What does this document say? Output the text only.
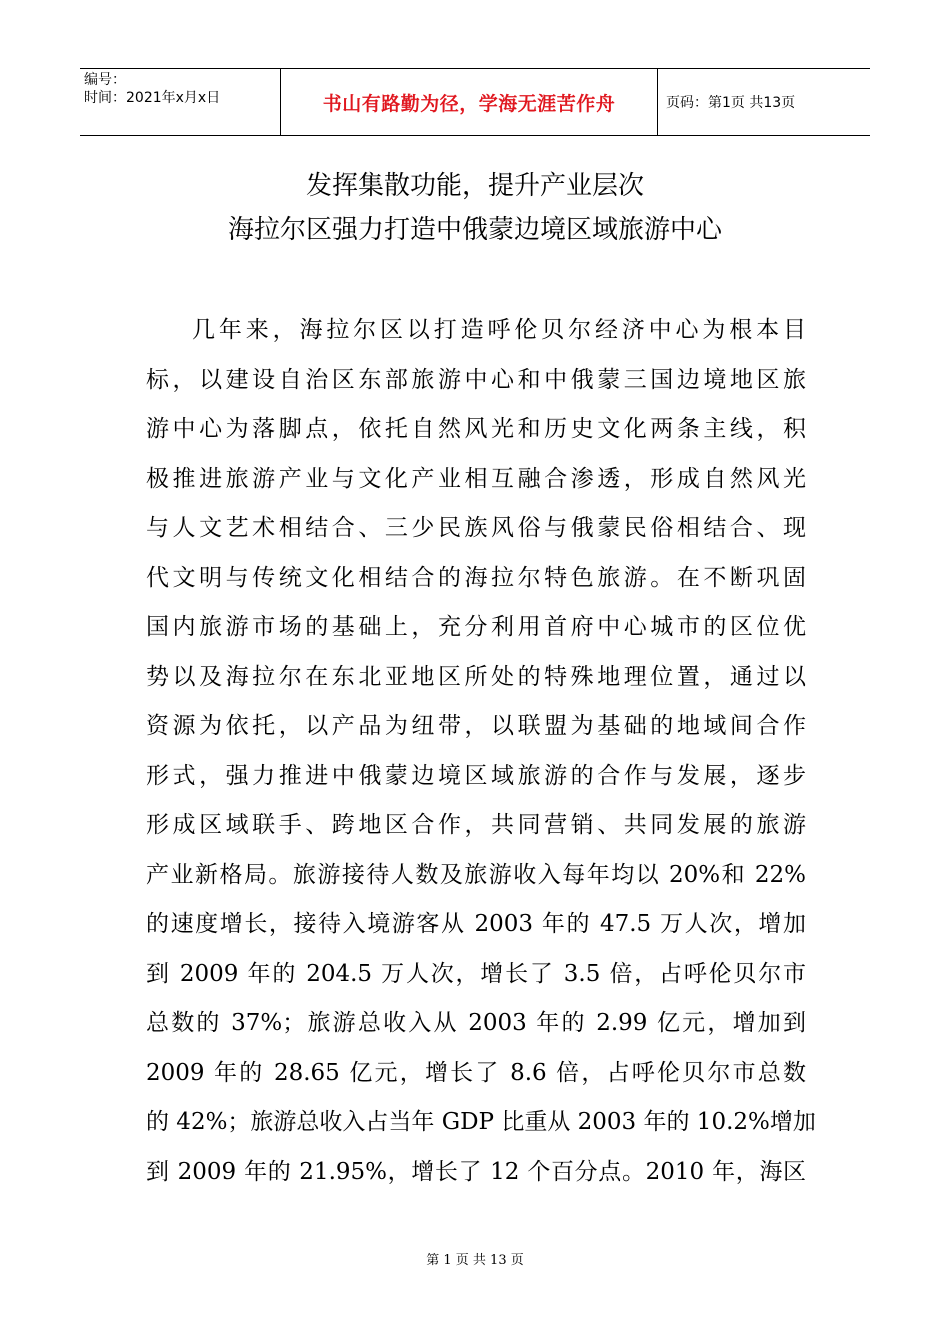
编号：
时间：2021年x月x日	书山有路勤为径，学海无涯苦作舟	页码：第1页 共13页
发挥集散功能，提升产业层次
海拉尔区强力打造中俄蒙边境区域旅游中心
几年来，海拉尔区以打造呼伦贝尔经济中心为根本目
标，以建设自治区东部旅游中心和中俄蒙三国边境地区旅
游中心为落脚点，依托自然风光和历史文化两条主线，积
极推进旅游产业与文化产业相互融合渗透，形成自然风光
与人文艺术相结合、三少民族风俗与俄蒙民俗相结合、现
代文明与传统文化相结合的海拉尔特色旅游。在不断巩固
国内旅游市场的基础上，充分利用首府中心城市的区位优
势以及海拉尔在东北亚地区所处的特殊地理位置，通过以
资源为依托，以产品为纽带，以联盟为基础的地域间合作
形式，强力推进中俄蒙边境区域旅游的合作与发展，逐步
形成区域联手、跨地区合作，共同营销、共同发展的旅游
产业新格局。旅游接待人数及旅游收入每年均以 20%和 22%
的速度增长，接待入境游客从 2003 年的 47.5 万人次，增加
到 2009 年的 204.5 万人次，增长了 3.5 倍，占呼伦贝尔市
总数的 37%；旅游总收入从 2003 年的 2.99 亿元，增加到
2009 年的 28.65 亿元，增长了 8.6 倍，占呼伦贝尔市总数
的 42%；旅游总收入占当年 GDP 比重从 2003 年的 10.2%增加
到 2009 年的 21.95%，增长了 12 个百分点。2010 年，海区
第 1 页 共 13 页
